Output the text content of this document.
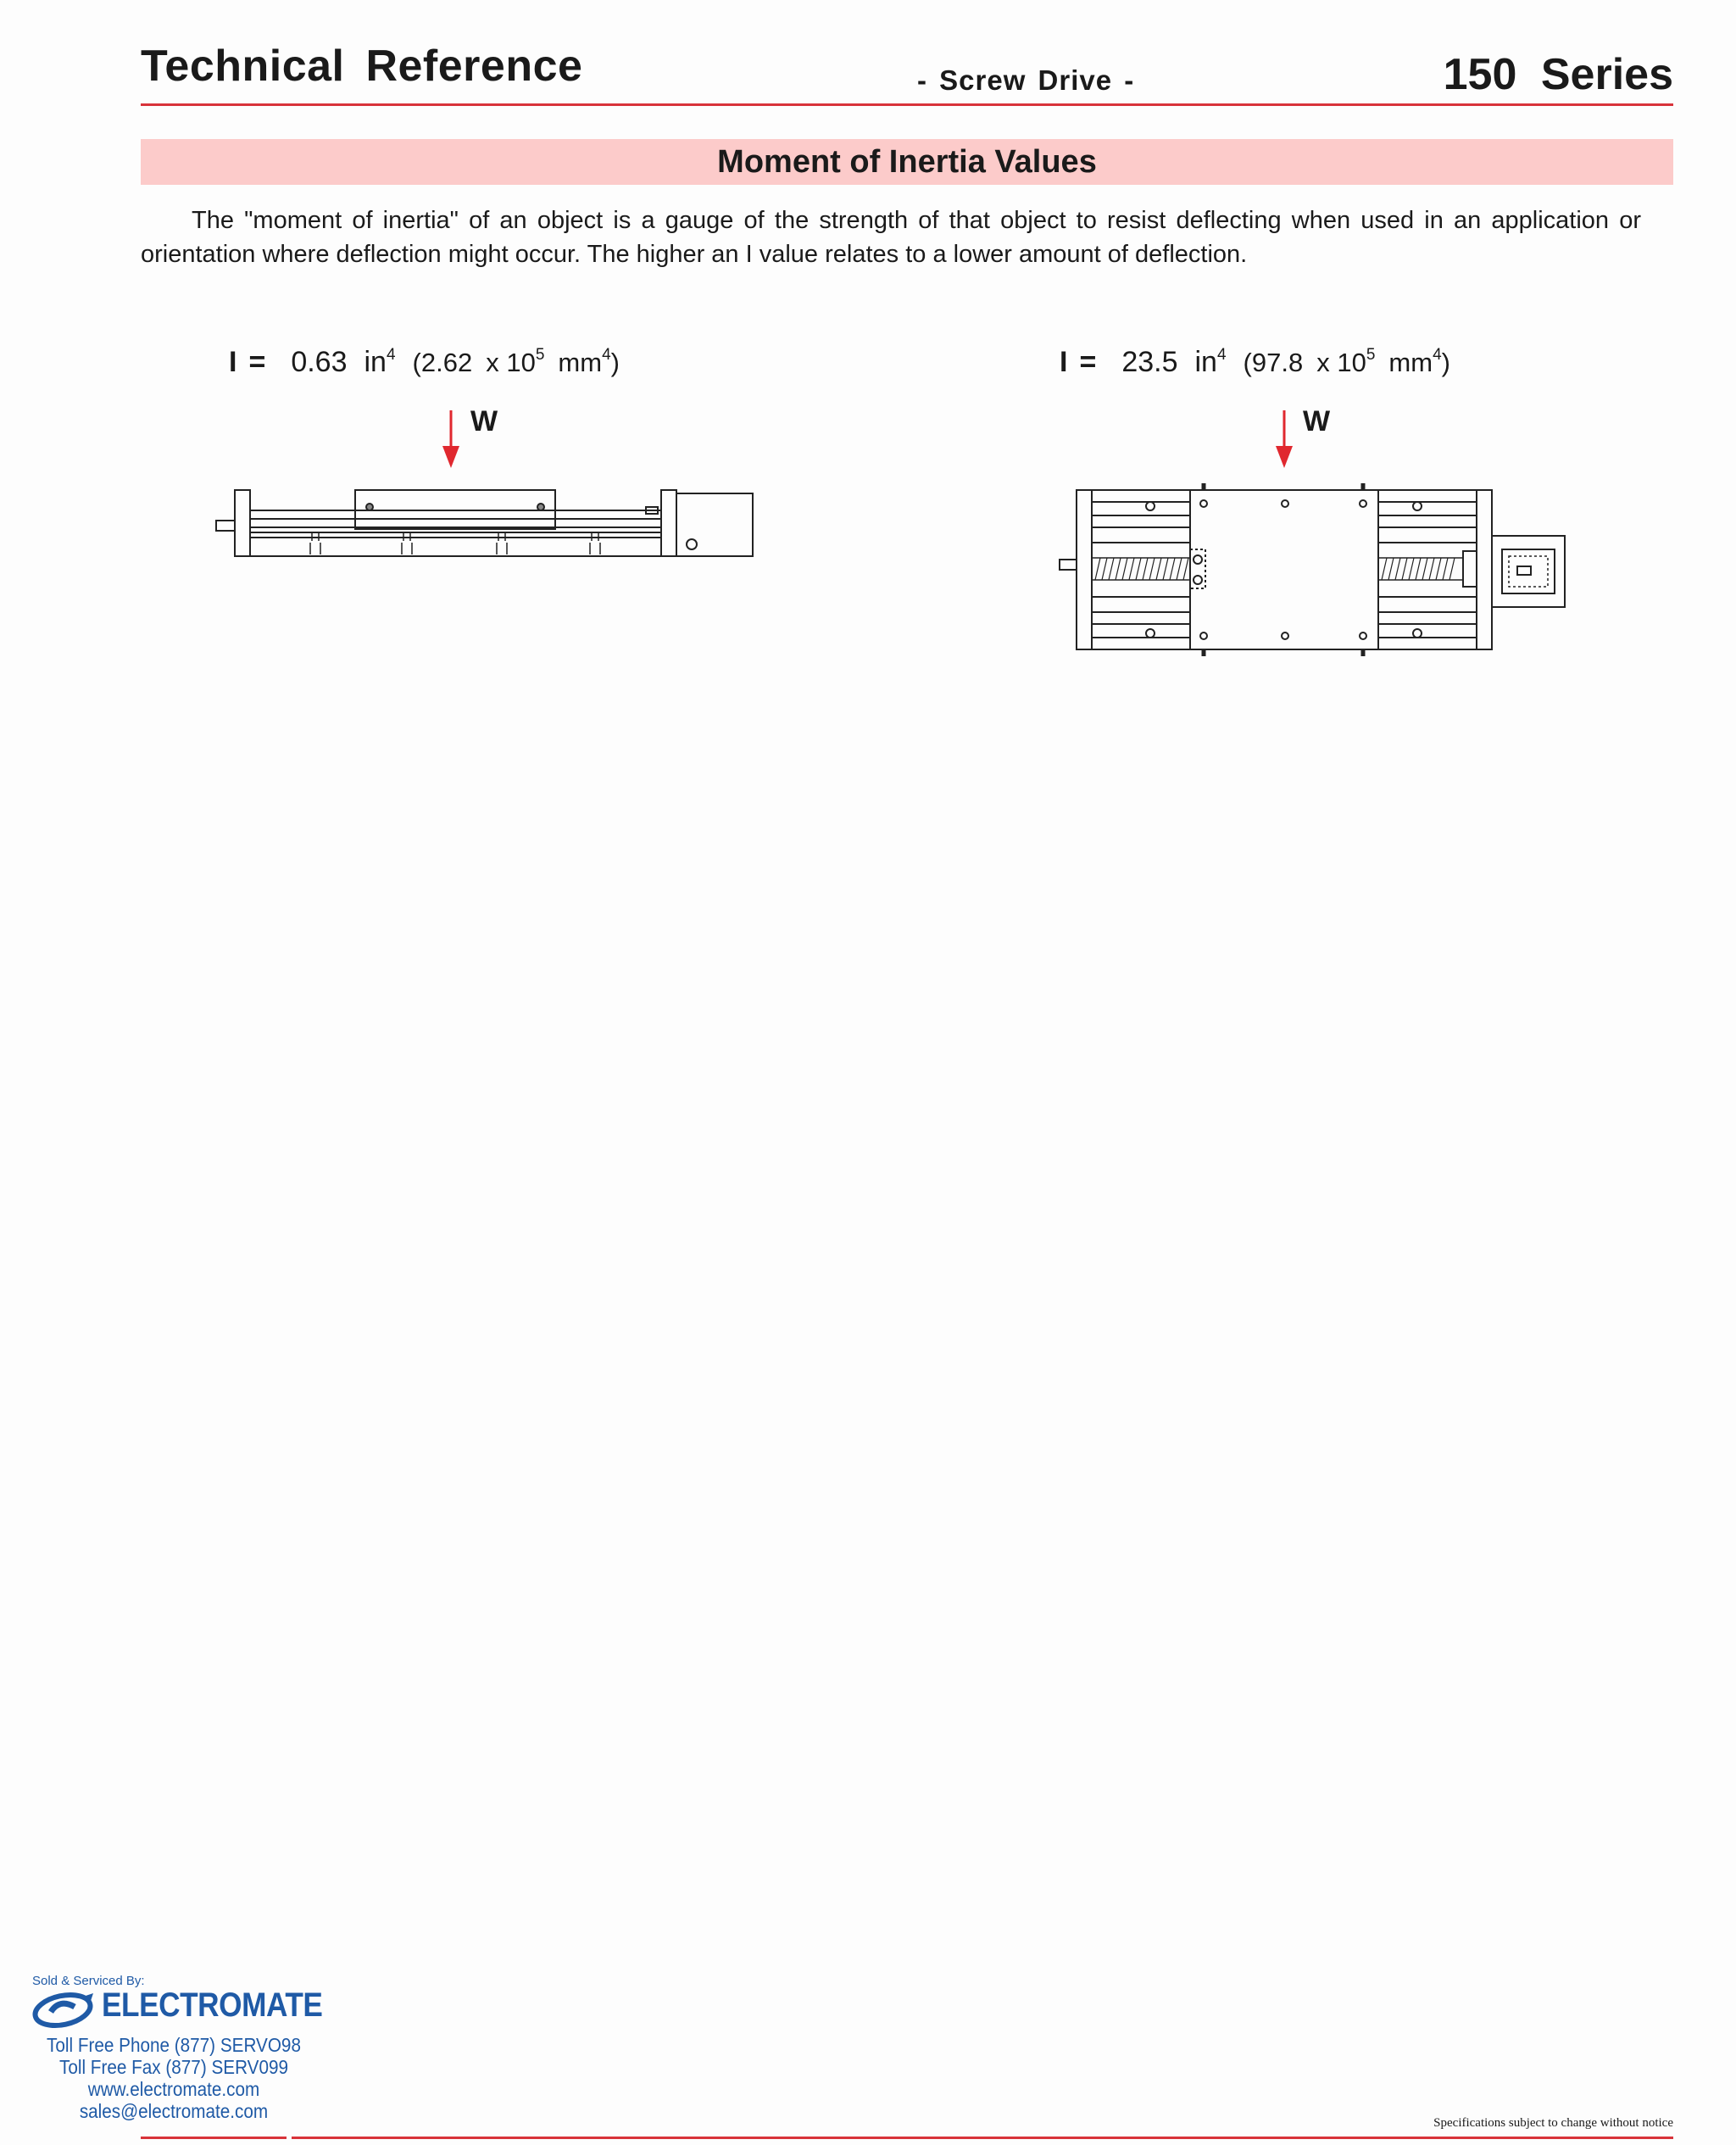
Technical Reference	- Screw Drive -	150 Series
Moment of Inertia Values
The "moment of inertia" of an object is a gauge of the strength of that object to resist deflecting when used in an application or orientation where deflection might occur. The higher an I value relates to a lower amount of deflection.
I = 0.63 $in^4$ (2.62 x $10^5$ $mm^4$)	I = 23.5 $in^4$ (97.8 x $10^5$ $mm^4$)
W	W
Sold & Serviced By:
ELECTROMATE
Toll Free Phone (877) SERVO98
Toll Free Fax (877) SERV099
www.electromate.com
sales@electromate.com
Specifications subject to change without notice
